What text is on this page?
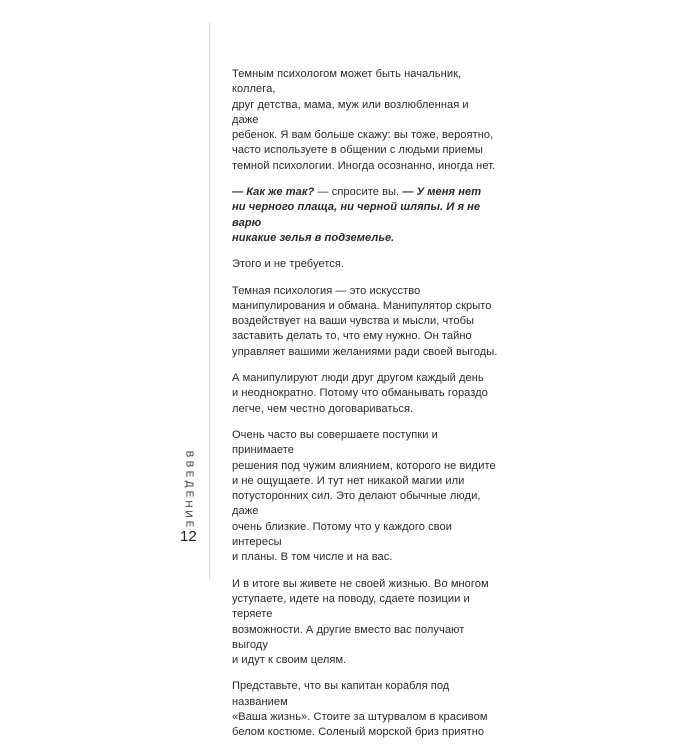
Темным психологом может быть начальник, коллега,
друг детства, мама, муж или возлюбленная и даже
ребенок. Я вам больше скажу: вы тоже, вероятно,
часто используете в общении с людьми приемы
темной психологии. Иногда осознанно, иногда нет.

— Как же так? — спросите вы. — У меня нет
ни черного плаща, ни черной шляпы. И я не варю
никакие зелья в подземелье.

Этого и не требуется.

Темная психология — это искусство
манипулирования и обмана. Манипулятор скрыто
воздействует на ваши чувства и мысли, чтобы
заставить делать то, что ему нужно. Он тайно
управляет вашими желаниями ради своей выгоды.

А манипулируют люди друг другом каждый день
и неоднократно. Потому что обманывать гораздо
легче, чем честно договариваться.

Очень часто вы совершаете поступки и принимаете
решения под чужим влиянием, которого не видите
и не ощущаете. И тут нет никакой магии или
потусторонних сил. Это делают обычные люди, даже
очень близкие. Потому что у каждого свои интересы
и планы. В том числе и на вас.

И в итоге вы живете не своей жизнью. Во многом
уступаете, идете на поводу, сдаете позиции и теряете
возможности. А другие вместо вас получают выгоду
и идут к своим целям.

Представьте, что вы капитан корабля под названием
«Ваша жизнь». Стоите за штурвалом в красивом
белом костюме. Соленый морской бриз приятно

В
В
Е
Д
Е
Н
И
Е
12
